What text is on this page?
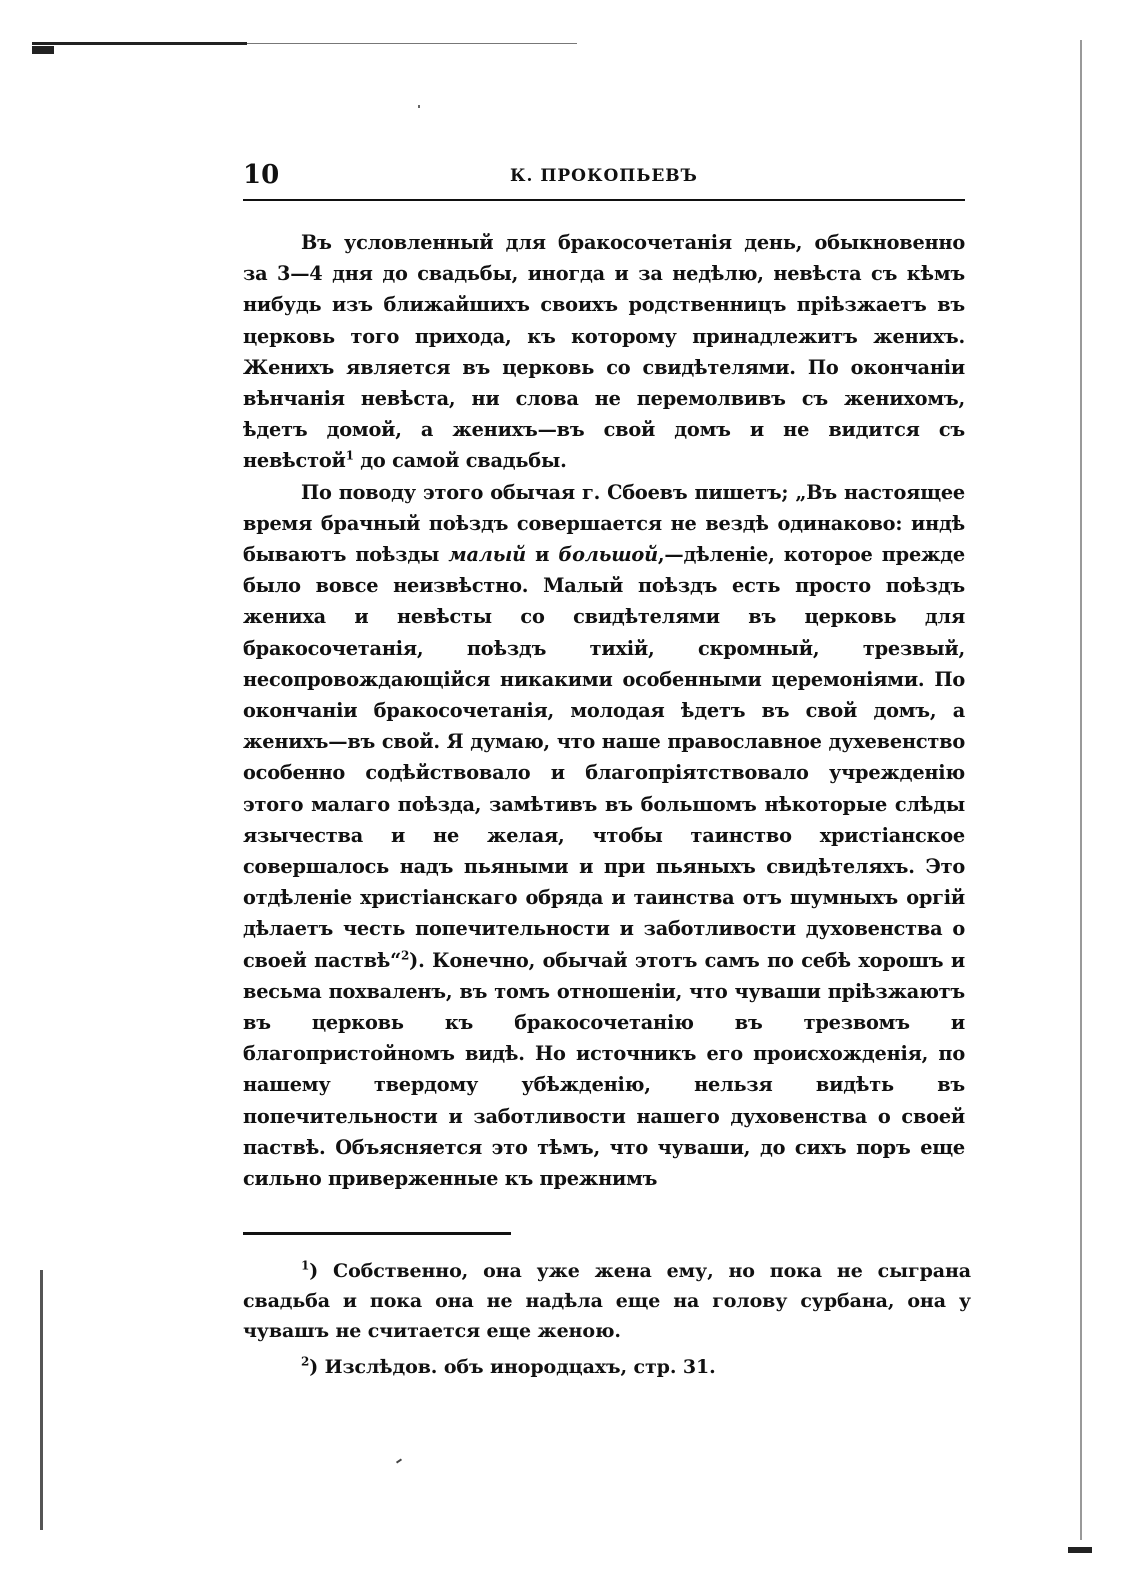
10	К. ПРОКОПЬЕВЪ

Въ условленный для бракосочетанія день, обыкновенно за 3—4 дня до свадьбы, иногда и за недѣлю, невѣста съ кѣмъ нибудь изъ ближайшихъ своихъ родственницъ пріѣзжаетъ въ церковь того прихода, къ которому принадлежитъ жениxъ. Женихъ является въ церковь со свидѣтелями. По окончаніи вѣнчанія невѣста, ни слова не перемолвивъ съ женихомъ, ѣдетъ домой, а женихъ—въ свой домъ и не видится съ невѣстой$^1$ до самой свадьбы.

По поводу этого обычая г. Сбоевъ пишетъ; „Въ настоящее время брачный поѣздъ совершается не вездѣ одинаково: индѣ бываютъ поѣзды малый и большой,—дѣленіе, которое прежде было вовсе неизвѣстно. Малый поѣздъ есть просто поѣздъ жениха и невѣсты со свидѣтелями въ церковь для бракосочетанія, поѣздъ тихій, скромный, трезвый, несопровождающійся никакими особенными церемоніями. По окончаніи бракосочетанія, молодая ѣдетъ въ свой домъ, а женихъ—въ свой. Я думаю, что наше православное духевенство особенно содѣйствовало и благопріятствовало учрежденію этого малаго поѣзда, замѣтивъ въ большомъ нѣкоторые слѣды язычества и не желая, чтобы таинство христіанское совершалось надъ пьяными и при пьяныхъ свидѣтеляхъ. Это отдѣленіе христіанскаго обряда и таинства отъ шумныхъ оргій дѣлаетъ честь попечительности и заботливости духовенства о своей паствѣ“$^2$). Конечно, обычай этотъ самъ по себѣ хорошъ и весьма похваленъ, въ томъ отношеніи, что чуваши пріѣзжаютъ въ церковь къ бракосочетанію въ трезвомъ и благопристойномъ видѣ. Но источникъ его происхожденія, по нашему твердому убѣжденію, нельзя видѣть въ попечительности и заботливости нашего духовенства о своей паствѣ. Объясняется это тѣмъ, что чуваши, до сихъ поръ еще сильно приверженные къ прежнимъ

$^1$) Собственно, она уже жена ему, но пока не сыграна свадьба и пока она не надѣла еще на голову сурбана, она у чувашъ не считается еще женою.

$^2$) Изслѣдов. объ инородцахъ, стр. 31.
